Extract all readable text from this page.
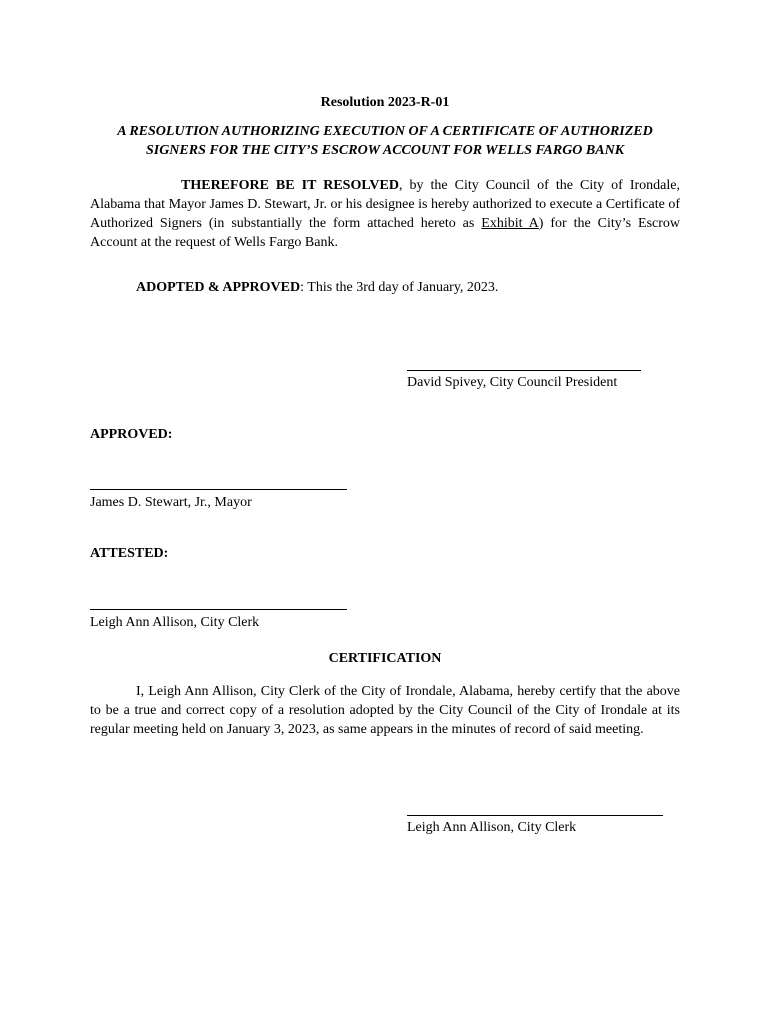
Resolution 2023-R-01
A RESOLUTION AUTHORIZING EXECUTION OF A CERTIFICATE OF AUTHORIZED
SIGNERS FOR THE CITY’S ESCROW ACCOUNT FOR WELLS FARGO BANK
THEREFORE BE IT RESOLVED, by the City Council of the City of Irondale, Alabama that Mayor James D. Stewart, Jr. or his designee is hereby authorized to execute a Certificate of Authorized Signers (in substantially the form attached hereto as Exhibit A) for the City’s Escrow Account at the request of Wells Fargo Bank.
ADOPTED & APPROVED: This the 3rd day of January, 2023.
David Spivey, City Council President
APPROVED:
James D. Stewart, Jr., Mayor
ATTESTED:
Leigh Ann Allison, City Clerk
CERTIFICATION
I, Leigh Ann Allison, City Clerk of the City of Irondale, Alabama, hereby certify that the above to be a true and correct copy of a resolution adopted by the City Council of the City of Irondale at its regular meeting held on January 3, 2023, as same appears in the minutes of record of said meeting.
Leigh Ann Allison, City Clerk
